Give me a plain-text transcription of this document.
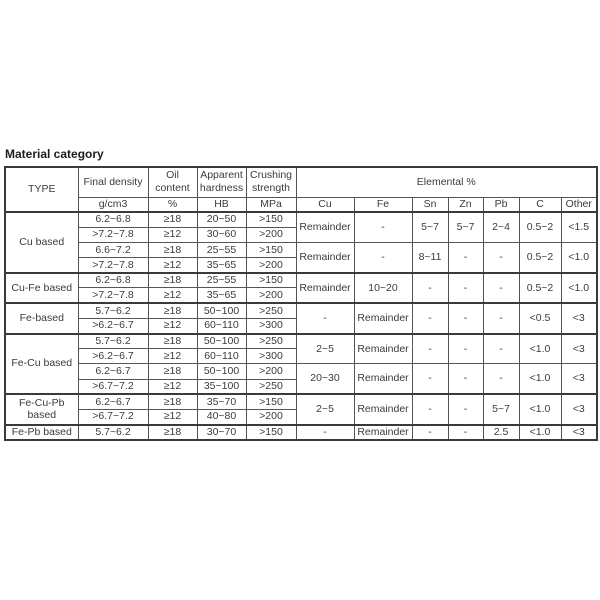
Material category
TYPE	Final density	Oil content	Apparent hardness	Crushing strength	Elemental %						
	g/cm3	%	HB	MPa	Cu	Fe	Sn	Zn	Pb	C	Other
Cu based	6.2~6.8	≥18	20~50	>150	Remainder	-	5~7	5~7	2~4	0.5~2	<1.5
	>7.2~7.8	≥12	30~60	>200							
	6.6~7.2	≥18	25~55	>150	Remainder	-	8~11	-	-	0.5~2	<1.0
	>7.2~7.8	≥12	35~65	>200							
Cu-Fe based	6.2~6.8	≥18	25~55	>150	Remainder	10~20	-	-	-	0.5~2	<1.0
	>7.2~7.8	≥12	35~65	>200							
Fe-based	5.7~6.2	≥18	50~100	>250	-	Remainder	-	-	-	<0.5	<3
	>6.2~6.7	≥12	60~110	>300							
Fe-Cu based	5.7~6.2	≥18	50~100	>250	2~5	Remainder	-	-	-	<1.0	<3
	>6.2~6.7	≥12	60~110	>300							
	6.2~6.7	≥18	50~100	>200	20~30	Remainder	-	-	-	<1.0	<3
	>6.7~7.2	≥12	35~100	>250							
Fe-Cu-Pb based	6.2~6.7	≥18	35~70	>150	2~5	Remainder	-	-	5~7	<1.0	<3
	>6.7~7.2	≥12	40~80	>200							
Fe-Pb based	5.7~6.2	≥18	30~70	>150	-	Remainder	-	-	2.5	<1.0	<3
